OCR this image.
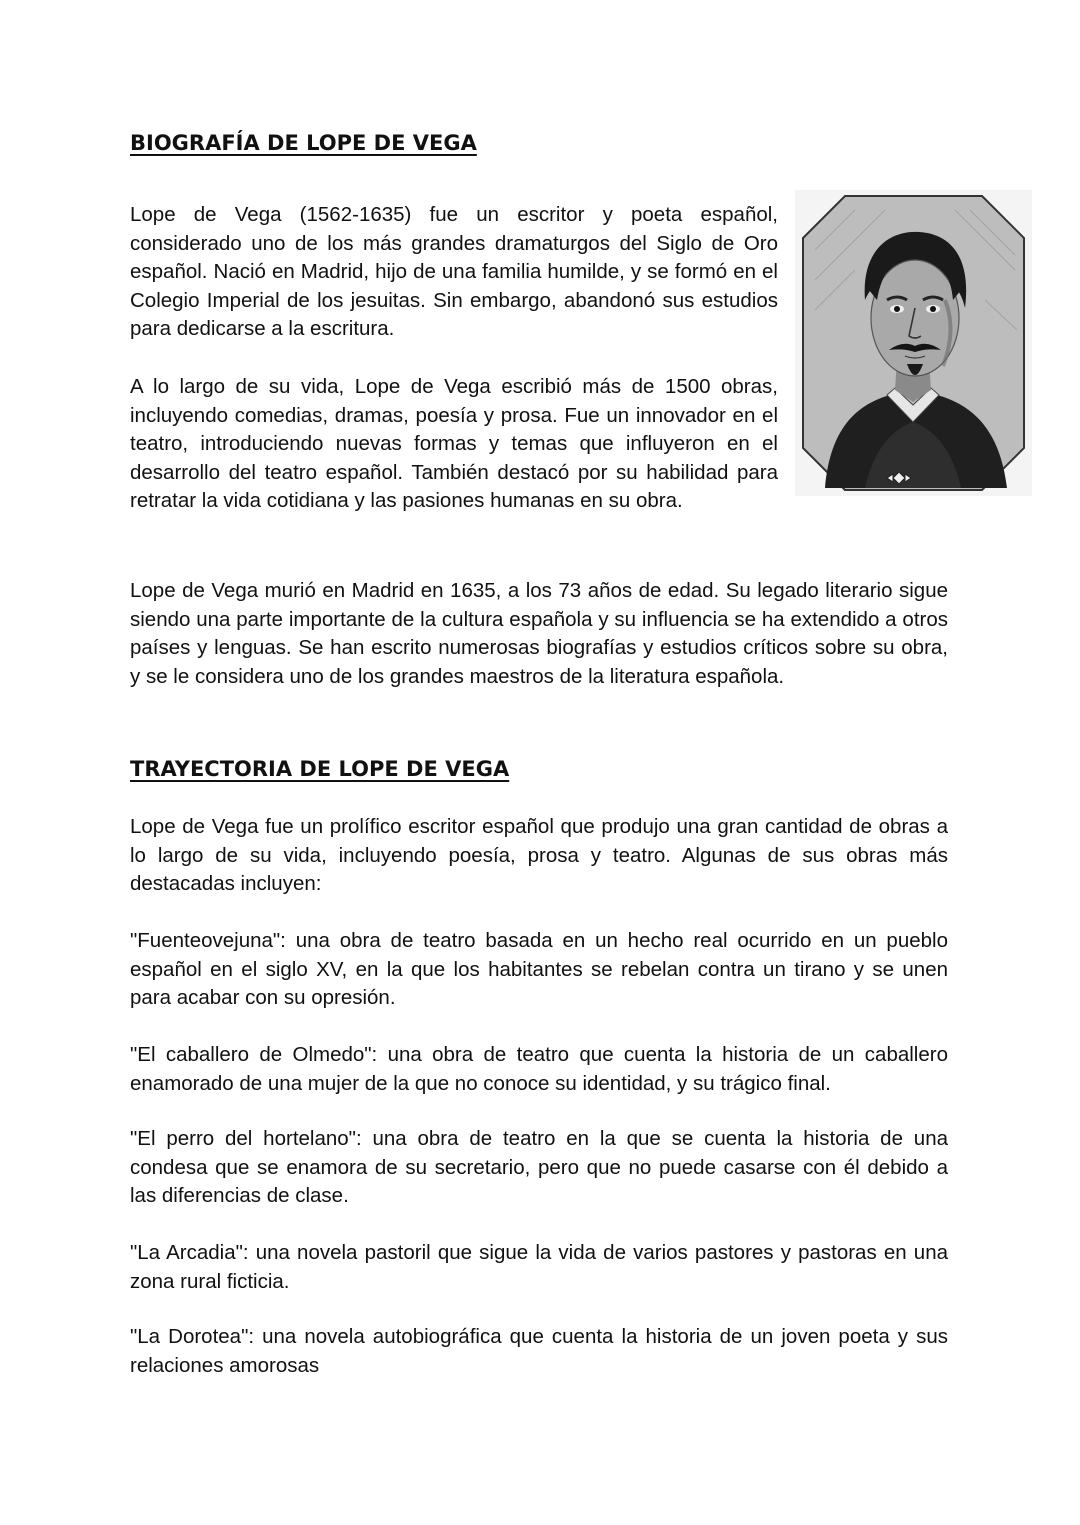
BIOGRAFÍA DE LOPE DE VEGA

Lope de Vega (1562-1635) fue un escritor y poeta español, considerado uno de los más grandes dramaturgos del Siglo de Oro español. Nació en Madrid, hijo de una familia humilde, y se formó en el Colegio Imperial de los jesuitas. Sin embargo, abandonó sus estudios para dedicarse a la escritura.

A lo largo de su vida, Lope de Vega escribió más de 1500 obras, incluyendo comedias, dramas, poesía y prosa. Fue un innovador en el teatro, introduciendo nuevas formas y temas que influyeron en el desarrollo del teatro español. También destacó por su habilidad para retratar la vida cotidiana y las pasiones humanas en su obra.

Lope de Vega murió en Madrid en 1635, a los 73 años de edad. Su legado literario sigue siendo una parte importante de la cultura española y su influencia se ha extendido a otros países y lenguas. Se han escrito numerosas biografías y estudios críticos sobre su obra, y se le considera uno de los grandes maestros de la literatura española.

TRAYECTORIA DE LOPE DE VEGA

Lope de Vega fue un prolífico escritor español que produjo una gran cantidad de obras a lo largo de su vida, incluyendo poesía, prosa y teatro. Algunas de sus obras más destacadas incluyen:

"Fuenteovejuna": una obra de teatro basada en un hecho real ocurrido en un pueblo español en el siglo XV, en la que los habitantes se rebelan contra un tirano y se unen para acabar con su opresión.

"El caballero de Olmedo": una obra de teatro que cuenta la historia de un caballero enamorado de una mujer de la que no conoce su identidad, y su trágico final.

"El perro del hortelano": una obra de teatro en la que se cuenta la historia de una condesa que se enamora de su secretario, pero que no puede casarse con él debido a las diferencias de clase.

"La Arcadia": una novela pastoril que sigue la vida de varios pastores y pastoras en una zona rural ficticia.

"La Dorotea": una novela autobiográfica que cuenta la historia de un joven poeta y sus relaciones amorosas
